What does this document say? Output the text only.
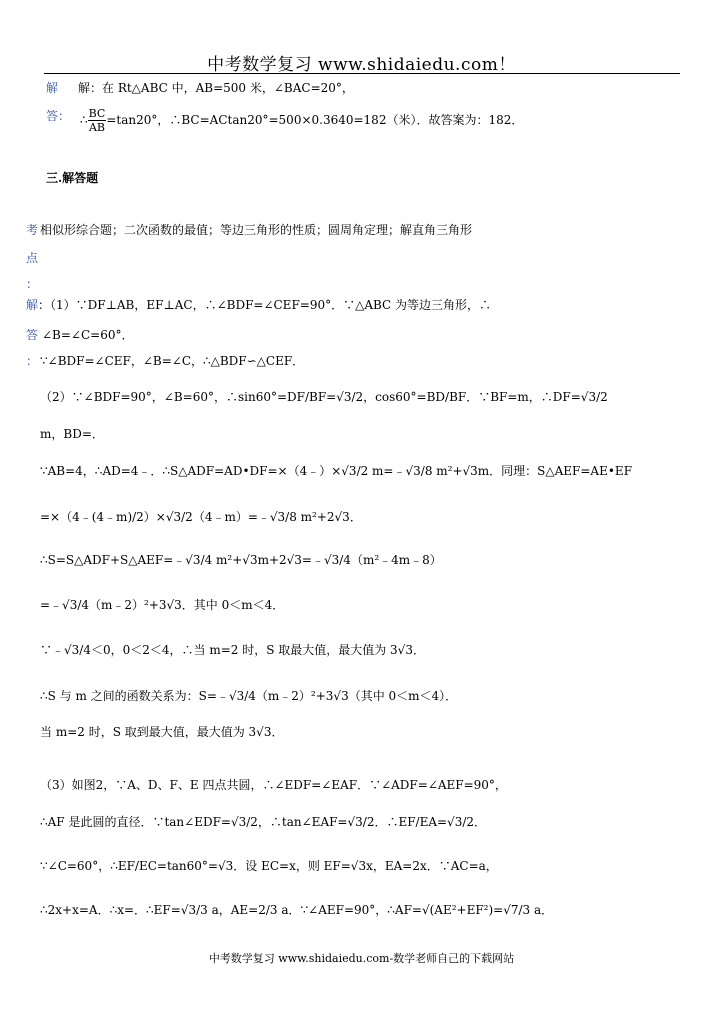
中考数学复习 www.shidaiedu.com！
解 解：在 Rt△ABC 中，AB=500 米，∠BAC=20°，
答： ∴ $\frac{BC}{AB} =\tan 20^\circ$，∴BC=ACtan20°=500×0.3640=182（米）．故答案为：182．
三.解答题
考 相似形综合题；二次函数的最值；等边三角形的性质；圆周角定理；解直角三角形
点
：
解 ：（1）∵DF⊥AB，EF⊥AC，∴∠BDF=∠CEF=90°．∵△ABC 为等边三角形，∴
答 ∠B=∠C=60°．
： ∵∠BDF=∠CEF，∠B=∠C，∴△BDF∽△CEF．
（2）∵∠BDF=90°，∠B=60°，∴sin60°=DF/BF=√3/2，cos60°=BD/BF．∵BF=m，∴DF=√3/2
m，BD=．
∵AB=4，∴AD=4﹣．∴S△ADF=AD•DF=×（4﹣）×√3/2 m=﹣√3/8 m²+√3m．同理：S△AEF=AE•EF
=×（4﹣(4﹣m)/2）×√3/2（4﹣m）=﹣√3/8 m²+2√3．
∴S=S△ADF+S△AEF=﹣√3/4 m²+√3m+2√3=﹣√3/4（m²﹣4m﹣8）
=﹣√3/4（m﹣2）²+3√3．其中 0＜m＜4．
∵﹣√3/4＜0，0＜2＜4，∴当 m=2 时，S 取最大值，最大值为 3√3．
∴S 与 m 之间的函数关系为：S=﹣√3/4（m﹣2）²+3√3（其中 0＜m＜4）．
当 m=2 时，S 取到最大值，最大值为 3√3．
（3）如图2，∵A、D、F、E 四点共圆，∴∠EDF=∠EAF．∵∠ADF=∠AEF=90°，
∴AF 是此圆的直径．∵tan∠EDF=√3/2，∴tan∠EAF=√3/2．∴EF/EA=√3/2．
∵∠C=60°，∴EF/EC=tan60°=√3．设 EC=x，则 EF=√3x，EA=2x．∵AC=a，
∴2x+x=A．∴x=．∴EF=√3/3 a，AE=2/3 a．∵∠AEF=90°，∴AF=√(AE²+EF²)=√7/3 a．
中考数学复习 www.shidaiedu.com-数学老师自己的下载网站
